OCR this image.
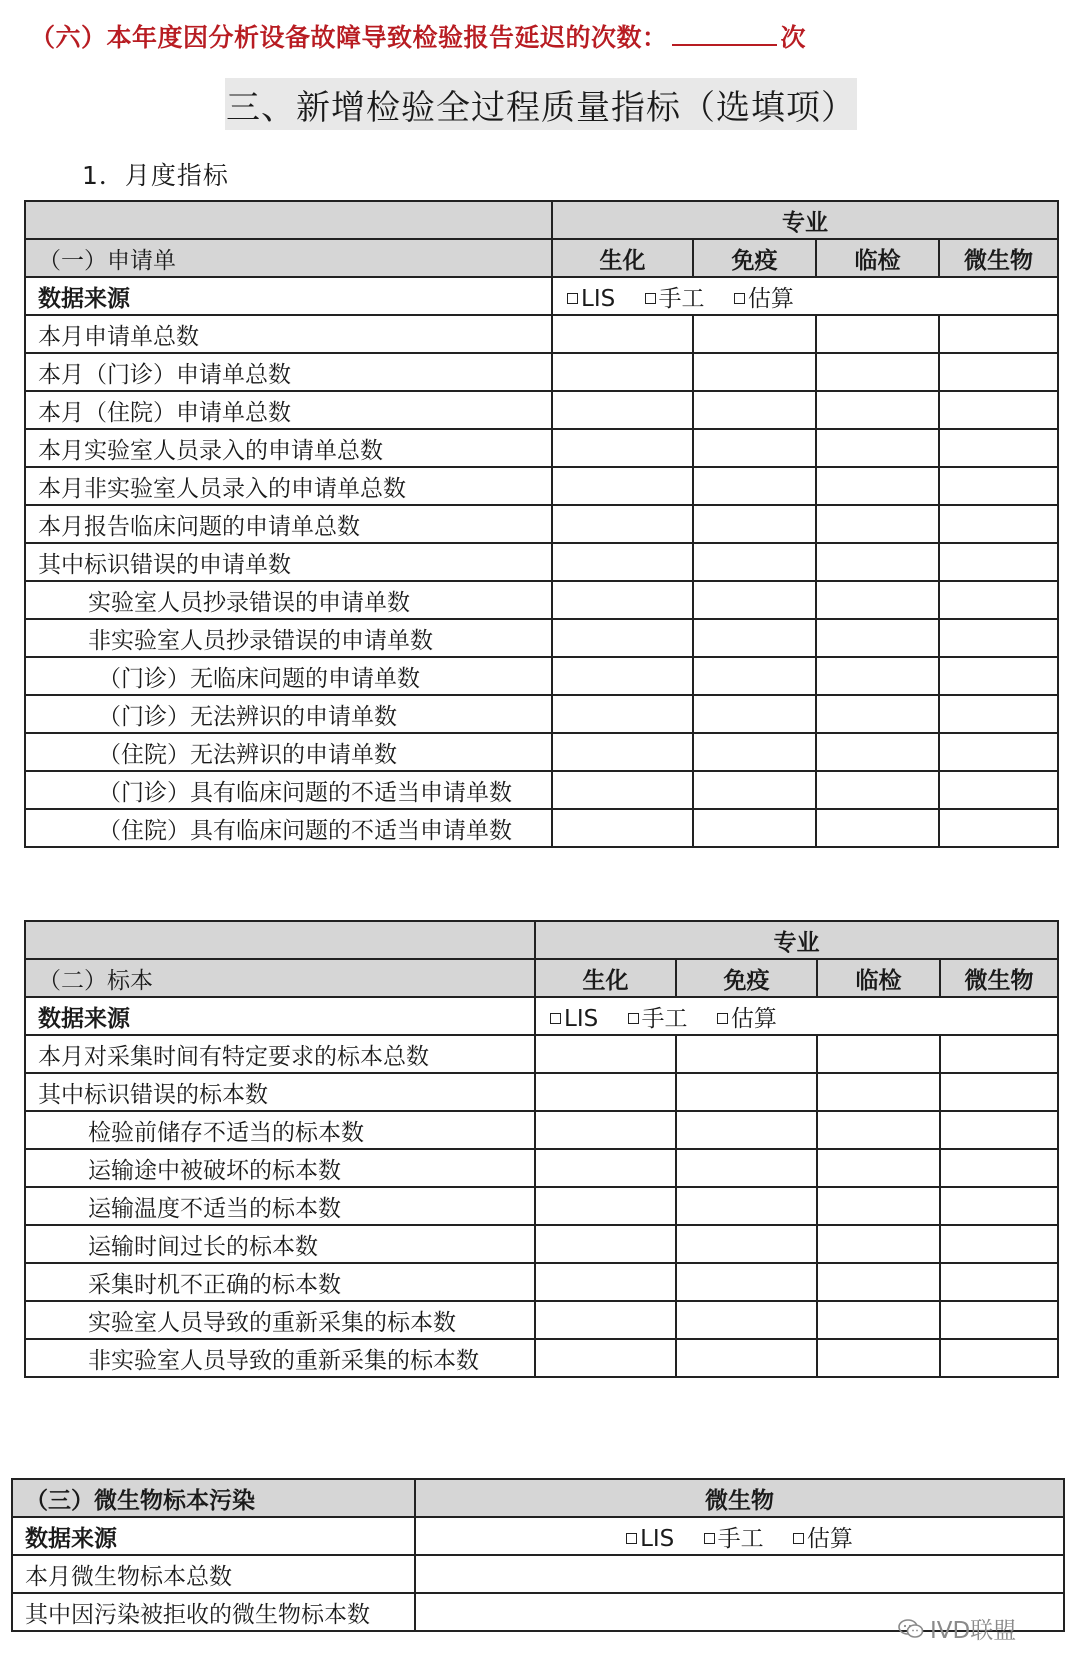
（六）本年度因分析设备故障导致检验报告延迟的次数：	次
三、新增检验全过程质量指标（选填项）
1．月度指标
	专业			
（一）申请单	生化	免疫	临检	微生物
数据来源	LIS 手工 估算			
本月申请单总数				
本月（门诊）申请单总数				
本月（住院）申请单总数				
本月实验室人员录入的申请单总数				
本月非实验室人员录入的申请单总数				
本月报告临床问题的申请单总数				
其中标识错误的申请单数				
实验室人员抄录错误的申请单数				
非实验室人员抄录错误的申请单数				
（门诊）无临床问题的申请单数				
（门诊）无法辨识的申请单数				
（住院）无法辨识的申请单数				
（门诊）具有临床问题的不适当申请单数				
（住院）具有临床问题的不适当申请单数				
	专业			
（二）标本	生化	免疫	临检	微生物
数据来源	LIS 手工 估算			
本月对采集时间有特定要求的标本总数				
其中标识错误的标本数				
检验前储存不适当的标本数				
运输途中被破坏的标本数				
运输温度不适当的标本数				
运输时间过长的标本数				
采集时机不正确的标本数				
实验室人员导致的重新采集的标本数				
非实验室人员导致的重新采集的标本数				
（三）微生物标本污染	微生物
数据来源	LIS 手工 估算
本月微生物标本总数	
其中因污染被拒收的微生物标本数	
IVD联盟
